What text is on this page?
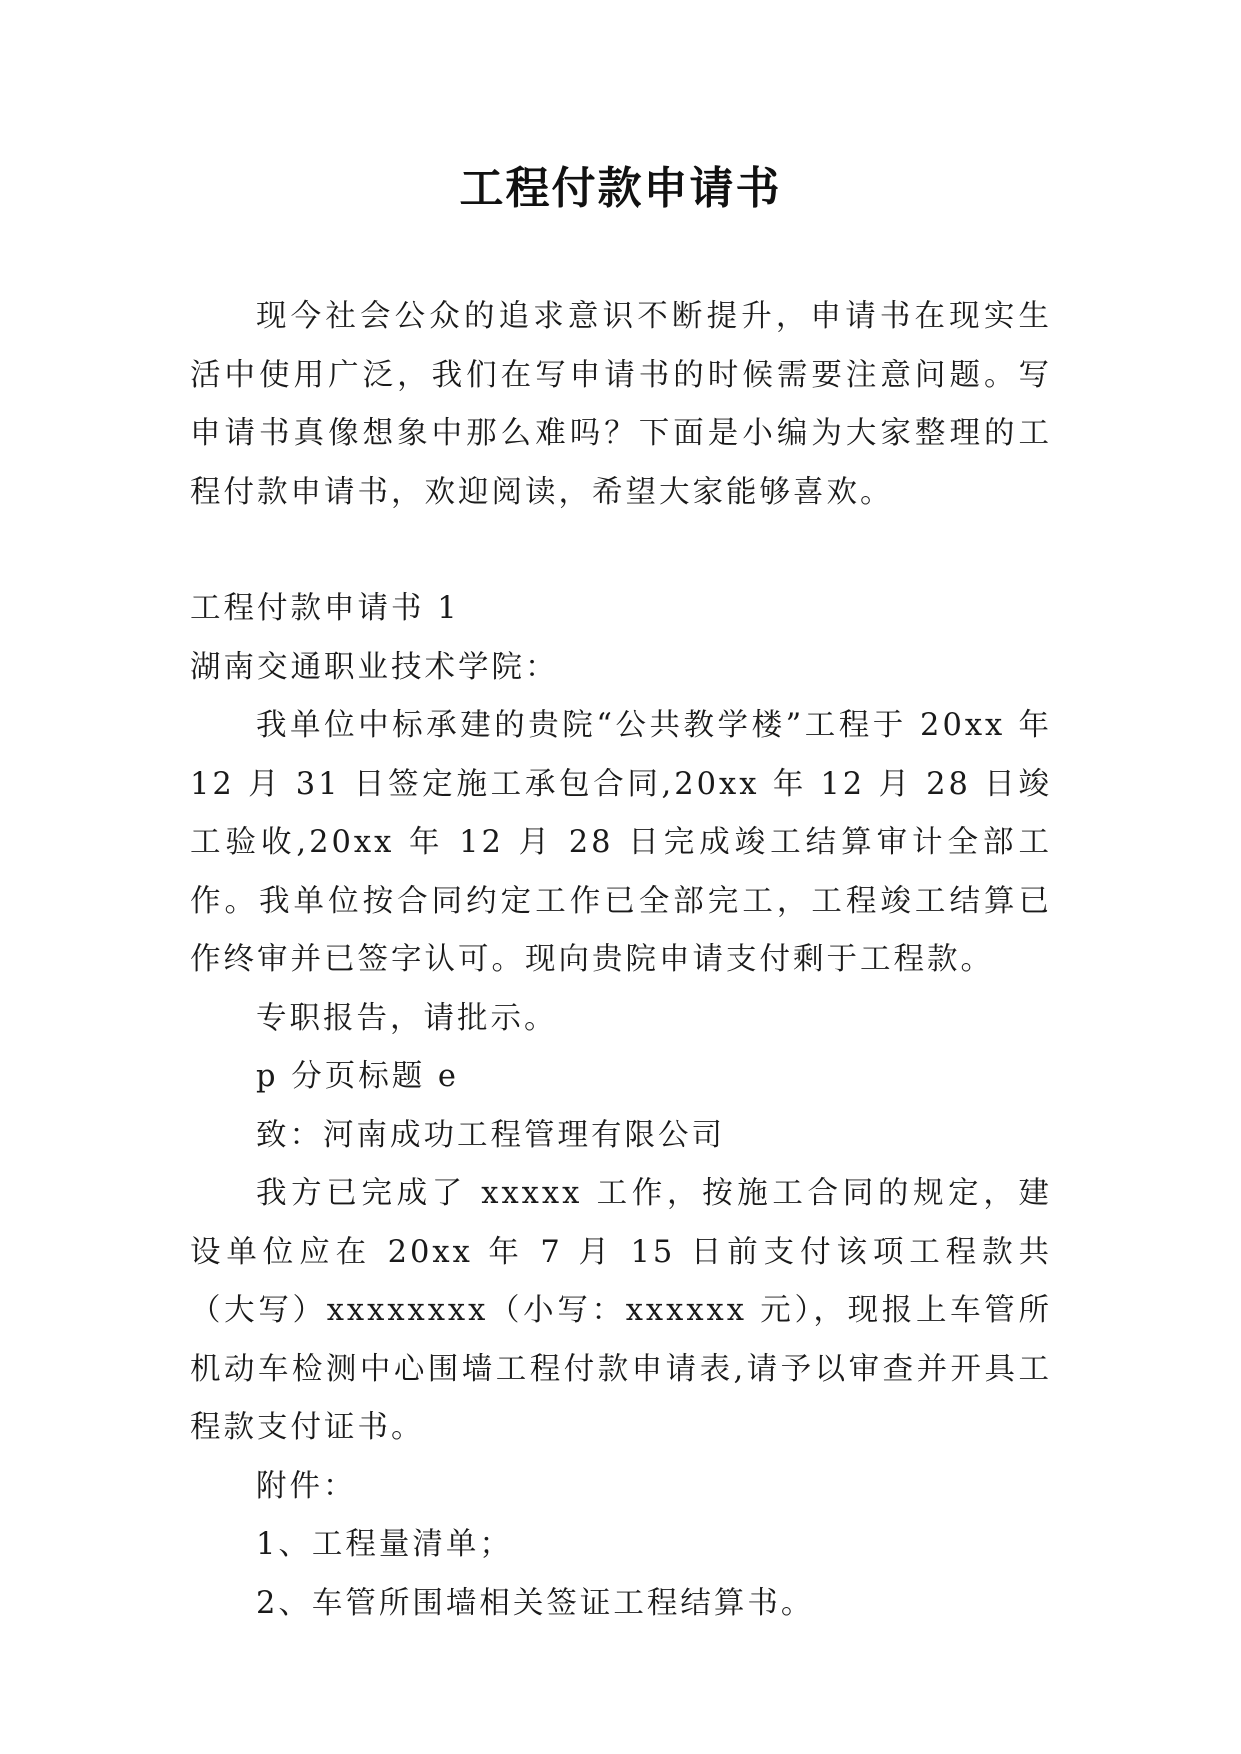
工程付款申请书

现今社会公众的追求意识不断提升，申请书在现实生活中使用广泛，我们在写申请书的时候需要注意问题。写申请书真像想象中那么难吗？下面是小编为大家整理的工程付款申请书，欢迎阅读，希望大家能够喜欢。

工程付款申请书 1

湖南交通职业技术学院：

我单位中标承建的贵院“公共教学楼”工程于 20xx 年 12 月 31 日签定施工承包合同,20xx 年 12 月 28 日竣工验收,20xx 年 12 月 28 日完成竣工结算审计全部工作。我单位按合同约定工作已全部完工，工程竣工结算已作终审并已签字认可。现向贵院申请支付剩于工程款。

专职报告，请批示。

p 分页标题 e

致：河南成功工程管理有限公司

我方已完成了 xxxxx 工作，按施工合同的规定，建设单位应在 20xx 年 7 月 15 日前支付该项工程款共（大写）xxxxxxxx（小写：xxxxxx 元），现报上车管所机动车检测中心围墙工程付款申请表,请予以审查并开具工程款支付证书。

附件：

1、工程量清单；

2、车管所围墙相关签证工程结算书。
